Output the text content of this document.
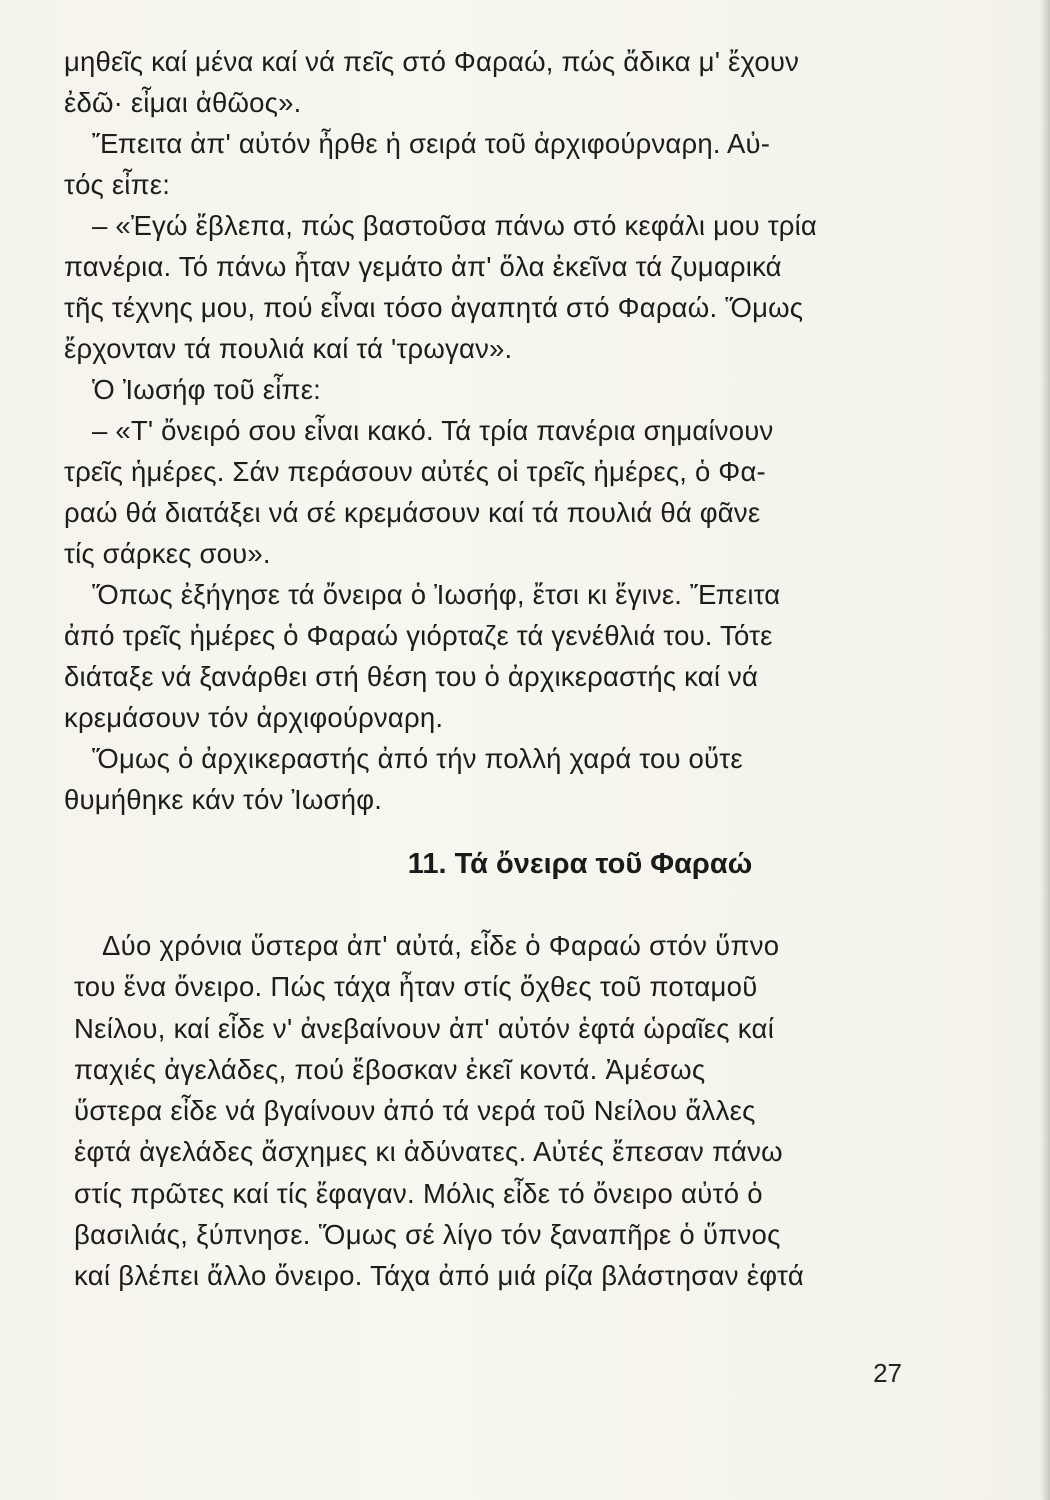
μηθεῖς καί μένα καί νά πεῖς στό Φαραώ, πώς ἄδικα μ' ἔχουν
ἐδῶ· εἶμαι ἀθῶος».
Ἔπειτα ἀπ' αὐτόν ἦρθε ἡ σειρά τοῦ ἀρχιφούρναρη. Αὐ-
τός εἶπε:
– «Ἐγώ ἔβλεπα, πώς βαστοῦσα πάνω στό κεφάλι μου τρία
πανέρια. Τό πάνω ἦταν γεμάτο ἀπ' ὅλα ἐκεῖνα τά ζυμαρικά
τῆς τέχνης μου, πού εἶναι τόσο ἀγαπητά στό Φαραώ. Ὅμως
ἔρχονταν τά πουλιά καί τά 'τρωγαν».
Ὁ Ἰωσήφ τοῦ εἶπε:
– «Τ' ὄνειρό σου εἶναι κακό. Τά τρία πανέρια σημαίνουν
τρεῖς ἡμέρες. Σάν περάσουν αὐτές οἱ τρεῖς ἡμέρες, ὁ Φα-
ραώ θά διατάξει νά σέ κρεμάσουν καί τά πουλιά θά φᾶνε
τίς σάρκες σου».
Ὅπως ἐξήγησε τά ὄνειρα ὁ Ἰωσήφ, ἔτσι κι ἔγινε. Ἔπειτα
ἀπό τρεῖς ἡμέρες ὁ Φαραώ γιόρταζε τά γενέθλιά του. Τότε
διάταξε νά ξανάρθει στή θέση του ὁ ἀρχικεραστής καί νά
κρεμάσουν τόν ἀρχιφούρναρη.
Ὅμως ὁ ἀρχικεραστής ἀπό τήν πολλή χαρά του οὔτε
θυμήθηκε κάν τόν Ἰωσήφ.
11. Τά ὄνειρα τοῦ Φαραώ
Δύο χρόνια ὕστερα ἀπ' αὐτά, εἶδε ὁ Φαραώ στόν ὕπνο
του ἕνα ὄνειρο. Πώς τάχα ἦταν στίς ὄχθες τοῦ ποταμοῦ
Νείλου, καί εἶδε ν' ἀνεβαίνουν ἀπ' αὐτόν ἑφτά ὡραῖες καί
παχιές ἀγελάδες, πού ἔβοσκαν ἐκεῖ κοντά. Ἀμέσως
ὕστερα εἶδε νά βγαίνουν ἀπό τά νερά τοῦ Νείλου ἄλλες
ἑφτά ἀγελάδες ἄσχημες κι ἀδύνατες. Αὐτές ἔπεσαν πάνω
στίς πρῶτες καί τίς ἔφαγαν. Μόλις εἶδε τό ὄνειρο αὐτό ὁ
βασιλιάς, ξύπνησε. Ὅμως σέ λίγο τόν ξαναπῆρε ὁ ὕπνος
καί βλέπει ἄλλο ὄνειρο. Τάχα ἀπό μιά ρίζα βλάστησαν ἑφτά
27
